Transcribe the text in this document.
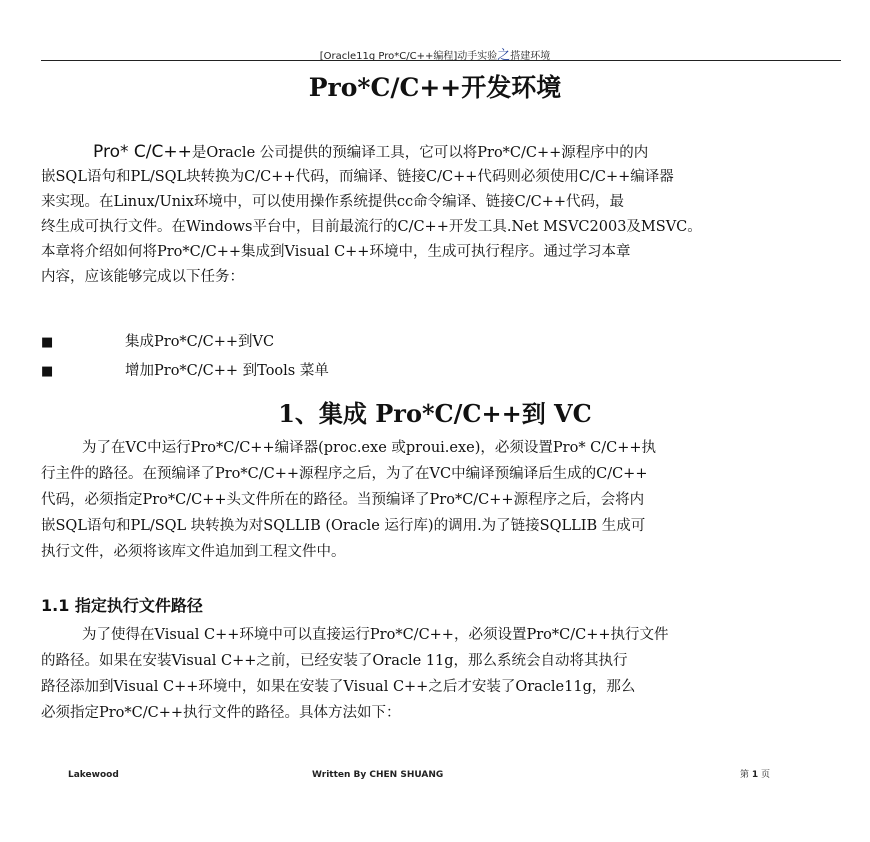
[Oracle11g Pro*C/C++编程]动手实验之搭建环境
Pro*C/C++开发环境
Pro* C/C++是Oracle 公司提供的预编译工具，它可以将Pro*C/C++源程序中的内
嵌SQL语句和PL/SQL块转换为C/C++代码，而编译、链接C/C++代码则必须使用C/C++编译器
来实现。在Linux/Unix环境中，可以使用操作系统提供cc命令编译、链接C/C++代码，最
终生成可执行文件。在Windows平台中，目前最流行的C/C++开发工具.Net MSVC2003及MSVC。
本章将介绍如何将Pro*C/C++集成到Visual C++环境中，生成可执行程序。通过学习本章
内容，应该能够完成以下任务：
■	集成Pro*C/C++到VC
■	增加Pro*C/C++ 到Tools 菜单
1、集成 Pro*C/C++到 VC
为了在VC中运行Pro*C/C++编译器(proc.exe 或proui.exe)，必须设置Pro* C/C++执
行主件的路径。在预编译了Pro*C/C++源程序之后，为了在VC中编译预编译后生成的C/C++
代码，必须指定Pro*C/C++头文件所在的路径。当预编译了Pro*C/C++源程序之后，会将内
嵌SQL语句和PL/SQL 块转换为对SQLLIB (Oracle 运行库)的调用.为了链接SQLLIB 生成可
执行文件，必须将该库文件追加到工程文件中。
1.1 指定执行文件路径
为了使得在Visual C++环境中可以直接运行Pro*C/C++，必须设置Pro*C/C++执行文件
的路径。如果在安装Visual C++之前，已经安装了Oracle 11g，那么系统会自动将其执行
路径添加到Visual C++环境中，如果在安装了Visual C++之后才安装了Oracle11g，那么
必须指定Pro*C/C++执行文件的路径。具体方法如下：
Lakewood	Written By CHEN SHUANG	第 1 页
